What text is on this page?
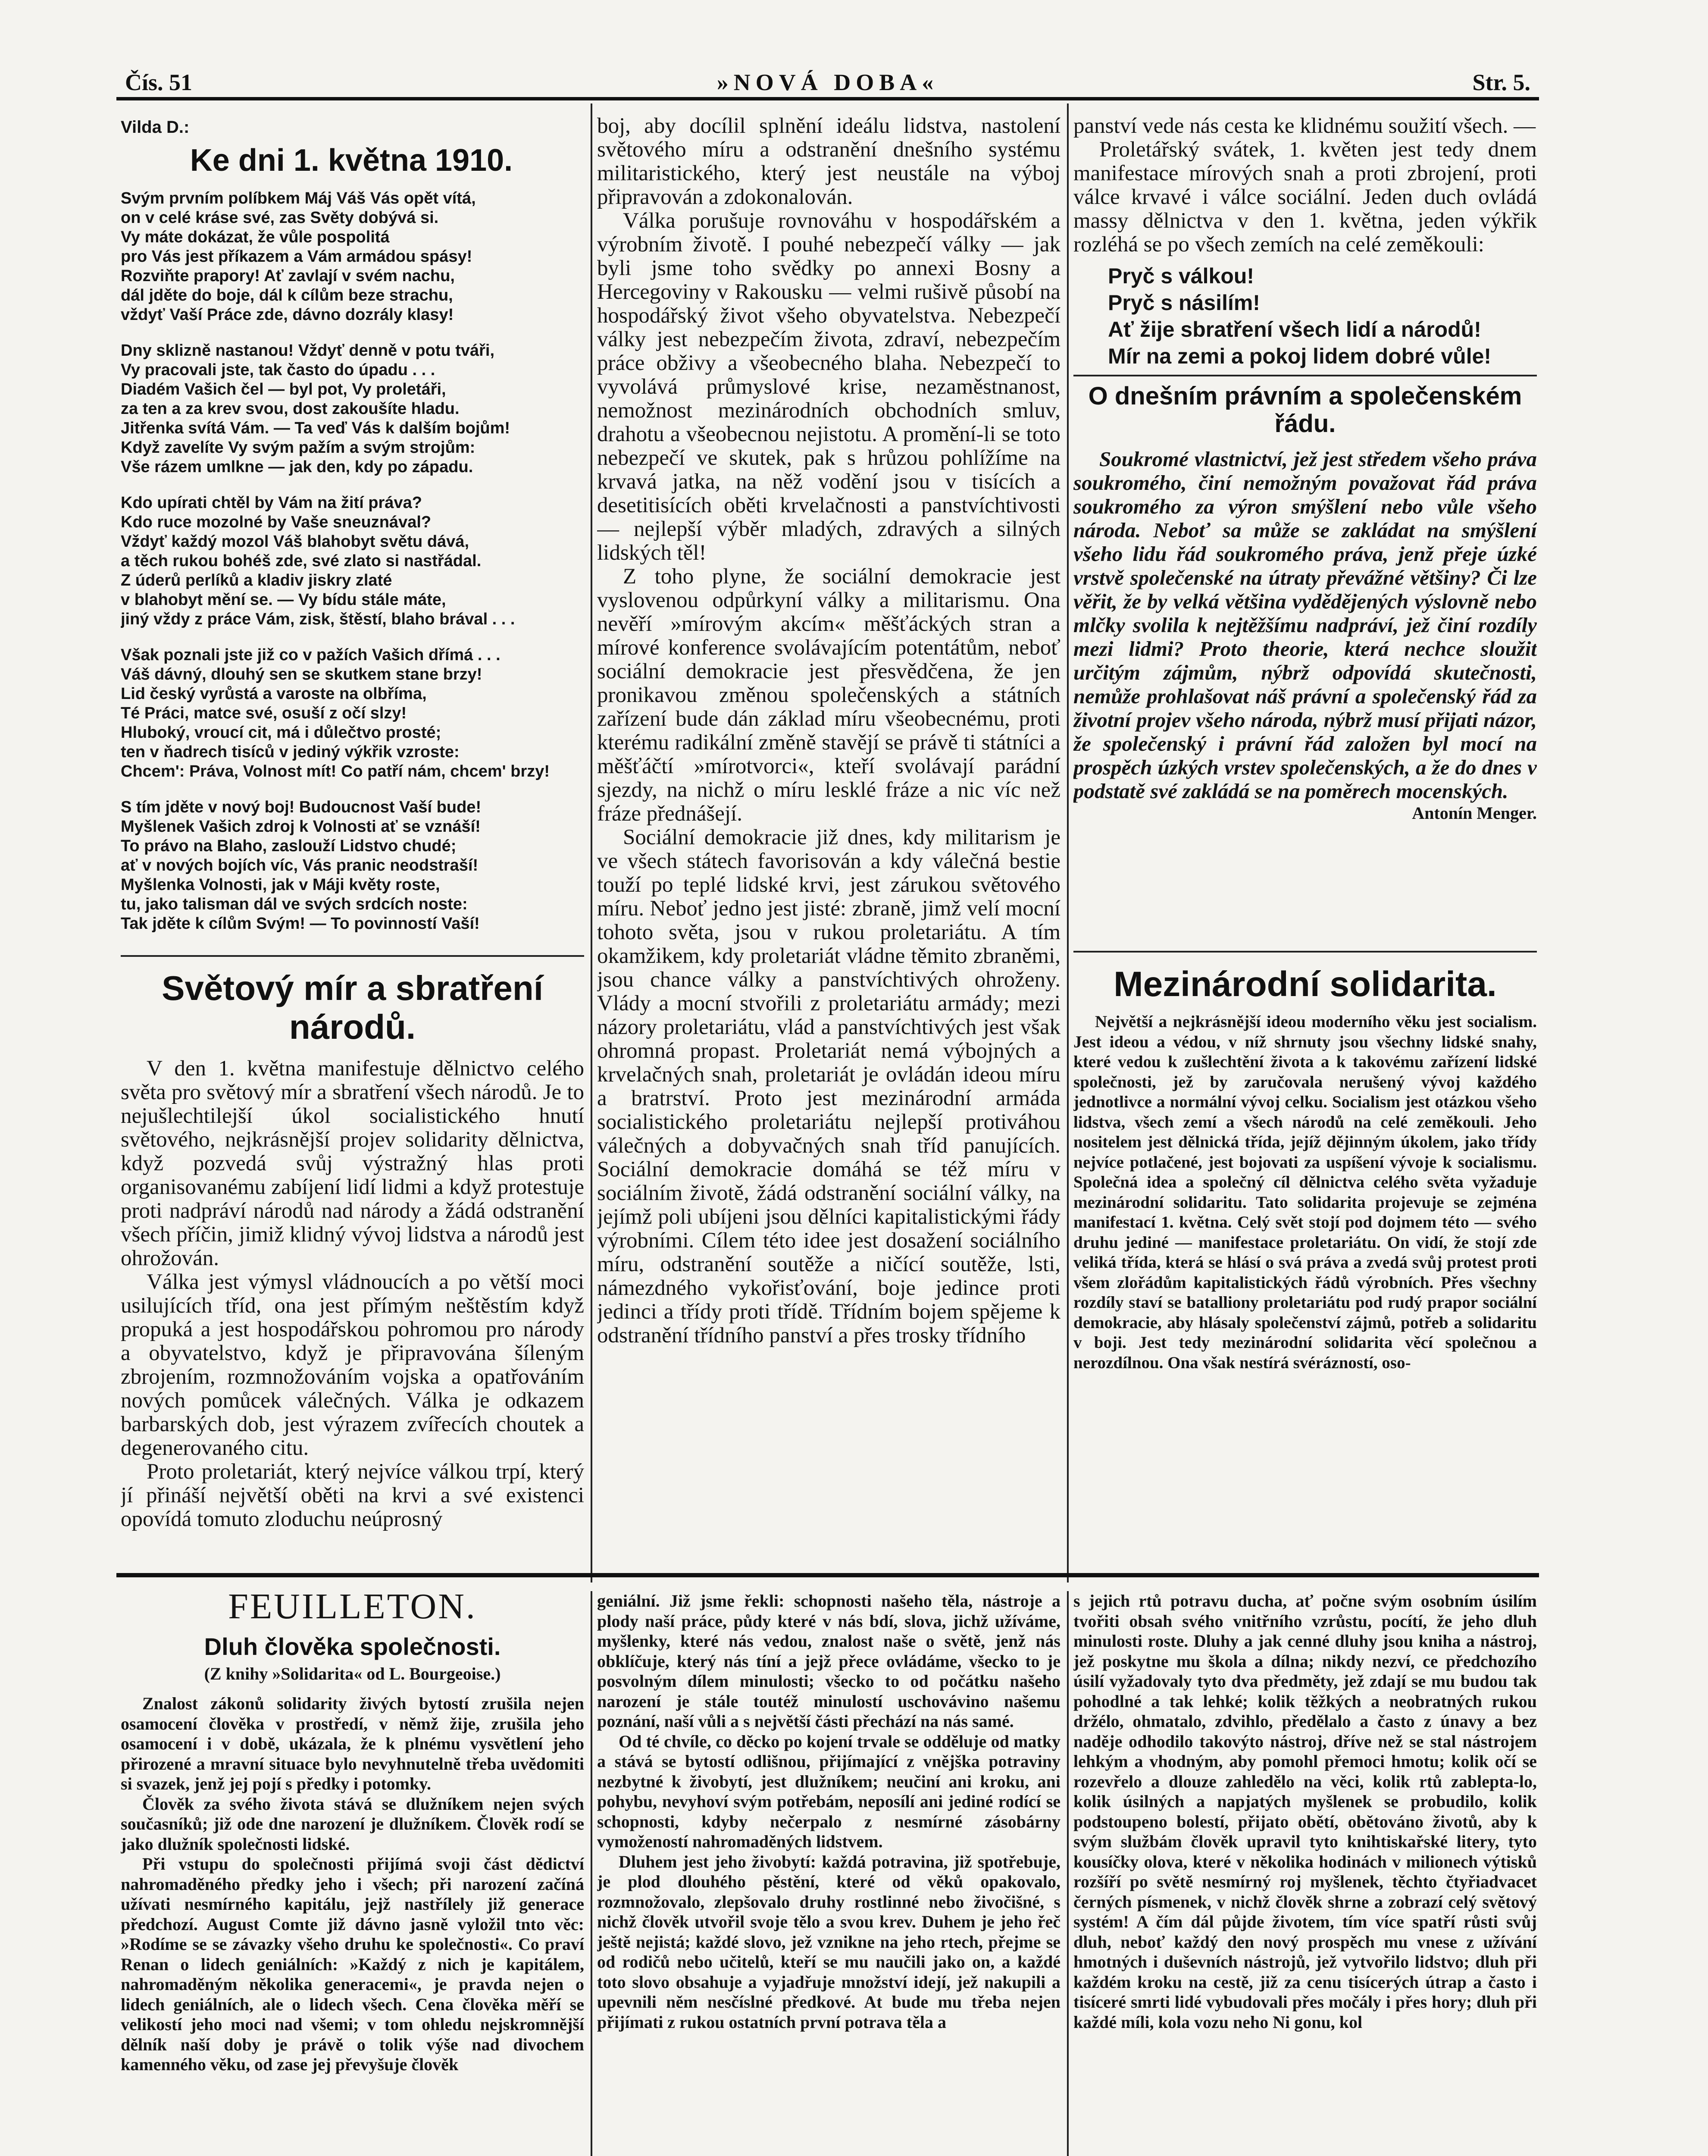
Čís. 51	»NOVÁ DOBA«	Str. 5.
Vilda D.:
Ke dni 1. května 1910.
Svým prvním políbkem Máj Váš Vás opět vítá,
on v celé kráse své, zas Světy dobývá si.
Vy máte dokázat, že vůle pospolitá
pro Vás jest příkazem a Vám armádou spásy!
Rozviňte prapory! Ať zavlají v svém nachu,
dál jděte do boje, dál k cílům beze strachu,
vždyť Vaší Práce zde, dávno dozrály klasy!
Dny sklizně nastanou! Vždyť denně v potu tváři,
Vy pracovali jste, tak často do úpadu . . .
Diadém Vašich čel — byl pot, Vy proletáři,
za ten a za krev svou, dost zakoušíte hladu.
Jitřenka svítá Vám. — Ta veď Vás k dalším bojům!
Když zavelíte Vy svým pažím a svým strojům:
Vše rázem umlkne — jak den, kdy po západu.
Kdo upírati chtěl by Vám na žití práva?
Kdo ruce mozolné by Vaše sneuznával?
Vždyť každý mozol Váš blahobyt světu dává,
a těch rukou bohéš zde, své zlato si nastřádal.
Z úderů perlíků a kladiv jiskry zlaté
v blahobyt mění se. — Vy bídu stále máte,
jiný vždy z práce Vám, zisk, štěstí, blaho brával . . .
Však poznali jste již co v pažích Vašich dřímá . . .
Váš dávný, dlouhý sen se skutkem stane brzy!
Lid český vyrůstá a varoste na olbříma,
Té Práci, matce své, osuší z očí slzy!
Hluboký, vroucí cit, má i důlečtvo prosté;
ten v ňadrech tisíců v jediný výkřik vzroste:
Chcem': Práva, Volnost mít! Co patří nám, chcem' brzy!
S tím jděte v nový boj! Budoucnost Vaší bude!
Myšlenek Vašich zdroj k Volnosti ať se vznáší!
To právo na Blaho, zaslouží Lidstvo chudé;
ať v nových bojích víc, Vás pranic neodstraší!
Myšlenka Volnosti, jak v Máji květy roste,
tu, jako talisman dál ve svých srdcích noste:
Tak jděte k cílům Svým! — To povinností Vaší!
Světový mír a sbratření národů.

V den 1. května manifestuje dělnictvo celého světa pro světový mír a sbratření všech národů. Je to nejušlechtilejší úkol socialistického hnutí světového, nejkrásnější projev solidarity dělnictva, když pozvedá svůj výstražný hlas proti organisovanému zabíjení lidí lidmi a když protestuje proti nadpráví národů nad národy a žádá odstranění všech příčin, jimiž klidný vývoj lidstva a národů jest ohrožován.

Válka jest výmysl vládnoucích a po větší moci usilujících tříd, ona jest přímým neštěstím když propuká a jest hospodářskou pohromou pro národy a obyvatelstvo, když je připravována šíleným zbrojením, rozmnožováním vojska a opatřováním nových pomůcek válečných. Válka je odkazem barbarských dob, jest výrazem zvířecích choutek a degenerovaného citu.

Proto proletariát, který nejvíce válkou trpí, který jí přináší největší oběti na krvi a své existenci opovídá tomuto zloduchu neúprosný

boj, aby docílil splnění ideálu lidstva, nastolení světového míru a odstranění dnešního systému militaristického, který jest neustále na výboj připravován a zdokonalován.

Válka porušuje rovnováhu v hospodářském a výrobním životě. I pouhé nebezpečí války — jak byli jsme toho svědky po annexi Bosny a Hercegoviny v Rakousku — velmi rušivě působí na hospodářský život všeho obyvatelstva. Nebezpečí války jest nebezpečím života, zdraví, nebezpečím práce obživy a všeobecného blaha. Nebezpečí to vyvolává průmyslové krise, nezaměstnanost, nemožnost mezinárodních obchodních smluv, drahotu a všeobecnou nejistotu. A promění-li se toto nebezpečí ve skutek, pak s hrůzou pohlížíme na krvavá jatka, na něž vodění jsou v tisících a desetitisících oběti krvelačnosti a panstvíchtivosti — nejlepší výběr mladých, zdravých a silných lidských těl!

Z toho plyne, že sociální demokracie jest vyslovenou odpůrkyní války a militarismu. Ona nevěří »mírovým akcím« měšťáckých stran a mírové konference svolávajícím potentátům, neboť sociální demokracie jest přesvědčena, že jen pronikavou změnou společenských a státních zařízení bude dán základ míru všeobecnému, proti kterému radikální změně stavějí se právě ti státníci a měšťáčtí »mírotvorci«, kteří svolávají parádní sjezdy, na nichž o míru lesklé fráze a nic víc než fráze přednášejí.

Sociální demokracie již dnes, kdy militarism je ve všech státech favorisován a kdy válečná bestie touží po teplé lidské krvi, jest zárukou světového míru. Neboť jedno jest jisté: zbraně, jimž velí mocní tohoto světa, jsou v rukou proletariátu. A tím okamžikem, kdy proletariát vládne těmito zbraněmi, jsou chance války a panstvíchtivých ohroženy. Vlády a mocní stvořili z proletariátu armády; mezi názory proletariátu, vlád a panstvíchtivých jest však ohromná propast. Proletariát nemá výbojných a krvelačných snah, proletariát je ovládán ideou míru a bratrství. Proto jest mezinárodní armáda socialistického proletariátu nejlepší protiváhou válečných a dobyvačných snah tříd panujících. Sociální demokracie domáhá se též míru v sociálním životě, žádá odstranění sociální války, na jejímž poli ubíjeni jsou dělníci kapitalistickými řády výrobními. Cílem této idee jest dosažení sociálního míru, odstranění soutěže a ničící soutěže, lsti, námezdného vykořisťování, boje jedince proti jedinci a třídy proti třídě. Třídním bojem spějeme k odstranění třídního panství a přes trosky třídního

panství vede nás cesta ke klidnému soužití všech. —

Proletářský svátek, 1. květen jest tedy dnem manifestace mírových snah a proti zbrojení, proti válce krvavé i válce sociální. Jeden duch ovládá massy dělnictva v den 1. května, jeden výkřik rozléhá se po všech zemích na celé zeměkouli:

Pryč s válkou!
Pryč s násilím!
Ať žije sbratření všech lidí a národů!
Mír na zemi a pokoj lidem dobré vůle!
O dnešním právním a společenském řádu.

Soukromé vlastnictví, jež jest středem všeho práva soukromého, činí nemožným považovat řád práva soukromého za výron smýšlení nebo vůle všeho národa. Neboť sa může se zakládat na smýšlení všeho lidu řád soukromého práva, jenž přeje úzké vrstvě společenské na útraty převážné většiny? Či lze věřit, že by velká většina vydědějených výslovně nebo mlčky svolila k nejtěžšímu nadpráví, jež činí rozdíly mezi lidmi? Proto theorie, která nechce sloužit určitým zájmům, nýbrž odpovídá skutečnosti, nemůže prohlašovat náš právní a společenský řád za životní projev všeho národa, nýbrž musí přijati názor, že společenský i právní řád založen byl mocí na prospěch úzkých vrstev společenských, a že do dnes v podstatě své zakládá se na poměrech mocenských.

Antonín Menger.
Mezinárodní solidarita.

Největší a nejkrásnější ideou moderního věku jest socialism. Jest ideou a védou, v níž shrnuty jsou všechny lidské snahy, které vedou k zušlechtění života a k takovému zařízení lidské společnosti, jež by zaručovala nerušený vývoj každého jednotlivce a normální vývoj celku. Socialism jest otázkou všeho lidstva, všech zemí a všech národů na celé zeměkouli. Jeho nositelem jest dělnická třída, jejíž dějinným úkolem, jako třídy nejvíce potlačené, jest bojovati za uspíšení vývoje k socialismu. Společná idea a společný cíl dělnictva celého světa vyžaduje mezinárodní solidaritu. Tato solidarita projevuje se zejména manifestací 1. května. Celý svět stojí pod dojmem této — svého druhu jediné — manifestace proletariátu. On vidí, že stojí zde veliká třída, která se hlásí o svá práva a zvedá svůj protest proti všem zlořádům kapitalistických řádů výrobních. Přes všechny rozdíly staví se batalliony proletariátu pod rudý prapor sociální demokracie, aby hlásaly společenství zájmů, potřeb a solidaritu v boji. Jest tedy mezinárodní solidarita věcí společnou a nerozdílnou. Ona však nestírá svérázností, oso-

FEUILLETON.
Dluh člověka společnosti.
(Z knihy »Solidarita« od L. Bourgeoise.)

Znalost zákonů solidarity živých bytostí zrušila nejen osamocení člověka v prostředí, v němž žije, zrušila jeho osamocení i v době, ukázala, že k plnému vysvětlení jeho přirozené a mravní situace bylo nevyhnutelně třeba uvědomiti si svazek, jenž jej pojí s předky i potomky.

Člověk za svého života stává se dlužníkem nejen svých současníků; již ode dne narození je dlužníkem. Člověk rodí se jako dlužník společnosti lidské.

Při vstupu do společnosti přijímá svoji část dědictví nahromaděného předky jeho i všech; při narození začíná užívati nesmírného kapitálu, jejž nastřílely již generace předchozí. August Comte již dávno jasně vyložil tnto věc: »Rodíme se se závazky všeho druhu ke společnosti«. Co praví Renan o lidech geniálních: »Každý z nich je kapitálem, nahromaděným několika generacemi«, je pravda nejen o lidech geniálních, ale o lidech všech. Cena člověka měří se velikostí jeho moci nad všemi; v tom ohledu nejskromnější dělník naší doby je právě o tolik výše nad divochem kamenného věku, od zase jej převyšuje člověk

geniální. Již jsme řekli: schopnosti našeho těla, nástroje a plody naší práce, půdy které v nás bdí, slova, jichž užíváme, myšlenky, které nás vedou, znalost naše o světě, jenž nás obklíčuje, který nás tíní a jejž přece ovládáme, všecko to je posvolným dílem minulosti; všecko to od počátku našeho narození je stále toutéž minulostí uschovávino našemu poznání, naší vůli a s největší části přechází na nás samé.

Od té chvíle, co děcko po kojení trvale se odděluje od matky a stává se bytostí odlišnou, přijímající z vnějška potraviny nezbytné k živobytí, jest dlužníkem; neučiní ani kroku, ani pohybu, nevyhoví svým potřebám, neposílí ani jediné rodící se schopnosti, kdyby nečerpalo z nesmírné zásobárny vymožeností nahromaděných lidstvem.

Dluhem jest jeho živobytí: každá potravina, již spotřebuje, je plod dlouhého pěstění, které od věků opakovalo, rozmnožovalo, zlepšovalo druhy rostlinné nebo živočišné, s nichž člověk utvořil svoje tělo a svou krev. Duhem je jeho řeč ještě nejistá; každé slovo, jež vznikne na jeho rtech, přejme se od rodičů nebo učitelů, kteří se mu naučili jako on, a každé toto slovo obsahuje a vyjadřuje množství idejí, jež nakupili a upevnili něm nesčíslné předkové. At bude mu třeba nejen přijímati z rukou ostatních první potrava těla a

s jejich rtů potravu ducha, ať počne svým osobním úsilím tvořiti obsah svého vnitřního vzrůstu, pocítí, že jeho dluh minulosti roste. Dluhy a jak cenné dluhy jsou kniha a nástroj, jež poskytne mu škola a dílna; nikdy nezví, ce předchozího úsilí vyžadovaly tyto dva předměty, jež zdají se mu budou tak pohodlné a tak lehké; kolik těžkých a neobratných rukou držélo, ohmatalo, zdvihlo, předělalo a často z únavy a bez naděje odhodilo takovýto nástroj, dříve než se stal nástrojem lehkým a vhodným, aby pomohl přemoci hmotu; kolik očí se rozevřelo a dlouze zahledělo na věci, kolik rtů zablepta-lo, kolik úsilných a napjatých myšlenek se probudilo, kolik podstoupeno bolestí, přijato obětí, obětováno životů, aby k svým službám člověk upravil tyto knihtiskařské litery, tyto kousíčky olova, které v několika hodinách v milionech výtisků rozšíří po světě nesmírný roj myšlenek, těchto čtyřiadvacet černých písmenek, v nichž člověk shrne a zobrazí celý světový systém! A čím dál půjde životem, tím více spatří růsti svůj dluh, neboť každý den nový prospěch mu vnese z užívání hmotných i duševních nástrojů, jež vytvořilo lidstvo; dluh při každém kroku na cestě, již za cenu tisícerých útrap a často i tisíceré smrti lidé vybudovali přes močály i přes hory; dluh při každé míli, kola vozu neho Ni gonu, kol
